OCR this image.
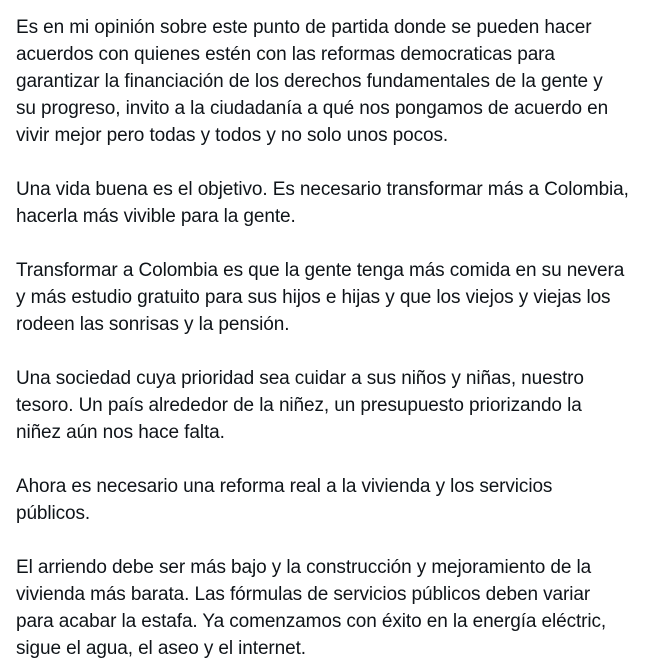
Es en mi opinión sobre este punto de partida donde se pueden hacer
acuerdos con quienes estén con las reformas democraticas para
garantizar la financiación de los derechos fundamentales de la gente y
su progreso, invito a la ciudadanía a qué nos pongamos de acuerdo en
vivir mejor pero todas y todos y no solo unos pocos.

Una vida buena es el objetivo. Es necesario transformar más a Colombia,
hacerla más vivible para la gente.

Transformar a Colombia es que la gente tenga más comida en su nevera
y más estudio gratuito para sus hijos e hijas y que los viejos y viejas los
rodeen las sonrisas y la pensión.

Una sociedad cuya prioridad sea cuidar a sus niños y niñas, nuestro
tesoro. Un país alrededor de la niñez, un presupuesto priorizando la
niñez aún nos hace falta.

Ahora es necesario una reforma real a la vivienda y los servicios
públicos.

El arriendo debe ser más bajo y la construcción y mejoramiento de la
vivienda más barata. Las fórmulas de servicios públicos deben variar
para acabar la estafa. Ya comenzamos con éxito en la energía eléctric,
sigue el agua, el aseo y el internet.
